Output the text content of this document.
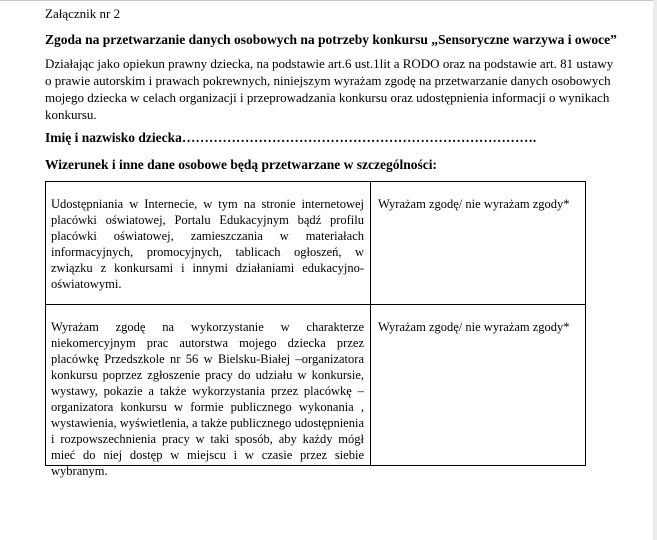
Załącznik nr 2
Zgoda na przetwarzanie danych osobowych na potrzeby konkursu „Sensoryczne warzywa i owoce”
Działając jako opiekun prawny dziecka, na podstawie art.6 ust.1lit a RODO oraz na podstawie art. 81 ustawy o prawie autorskim i prawach pokrewnych, niniejszym wyrażam zgodę na przetwarzanie danych osobowych mojego dziecka w celach organizacji i przeprowadzania konkursu oraz udostępnienia informacji o wynikach konkursu.
Imię i nazwisko dziecka…………………………………………………………………….
Wizerunek i inne dane osobowe będą przetwarzane w szczególności:
Udostępniania w Internecie, w tym na stronie internetowej placówki oświatowej, Portalu Edukacyjnym bądź profilu placówki oświatowej, zamieszczania w materiałach informacyjnych, promocyjnych, tablicach ogłoszeń, w związku z konkursami i innymi działaniami edukacyjno-oświatowymi.
Wyrażam zgodę/ nie wyrażam zgody*
Wyrażam zgodę na wykorzystanie w charakterze niekomercyjnym prac autorstwa mojego dziecka przez placówkę Przedszkole nr 56 w Bielsku-Białej –organizatora konkursu poprzez zgłoszenie pracy do udziału w konkursie, wystawy, pokazie a także wykorzystania przez placówkę – organizatora konkursu w formie publicznego wykonania , wystawienia, wyświetlenia, a także publicznego udostępnienia i rozpowszechnienia pracy w taki sposób, aby każdy mógł mieć do niej dostęp w miejscu i w czasie przez siebie wybranym.
Wyrażam zgodę/ nie wyrażam zgody*
